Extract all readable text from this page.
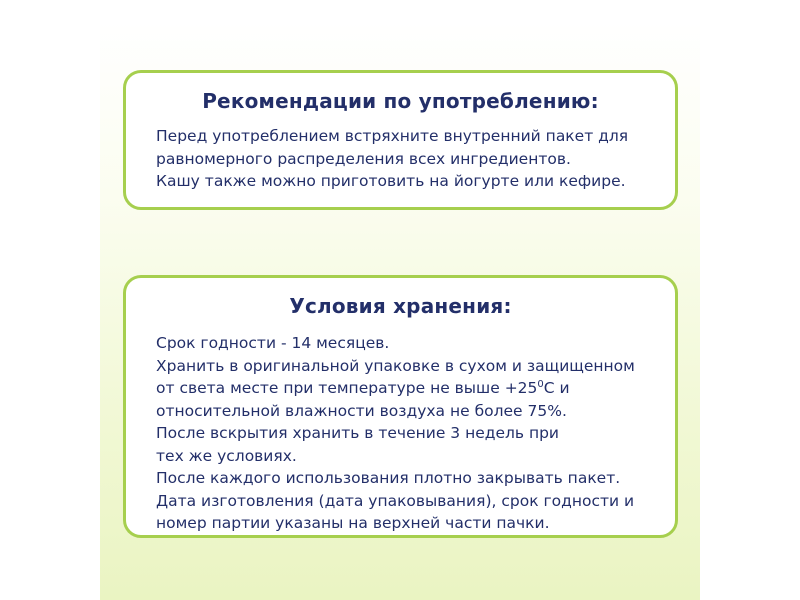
Рекомендации по употреблению:
Перед употреблением встряхните внутренний пакет для
равномерного распределения всех ингредиентов.
Кашу также можно приготовить на йогурте или кефире.
Условия хранения:
Срок годности - 14 месяцев.
Хранить в оригинальной упаковке в сухом и защищенном
от света месте при температуре не выше $+25^0С$ и
относительной влажности воздуха не более 75%.
После вскрытия хранить в течение 3 недель при
тех же условиях.
После каждого использования плотно закрывать пакет.
Дата изготовления (дата упаковывания), срок годности и
номер партии указаны на верхней части пачки.
